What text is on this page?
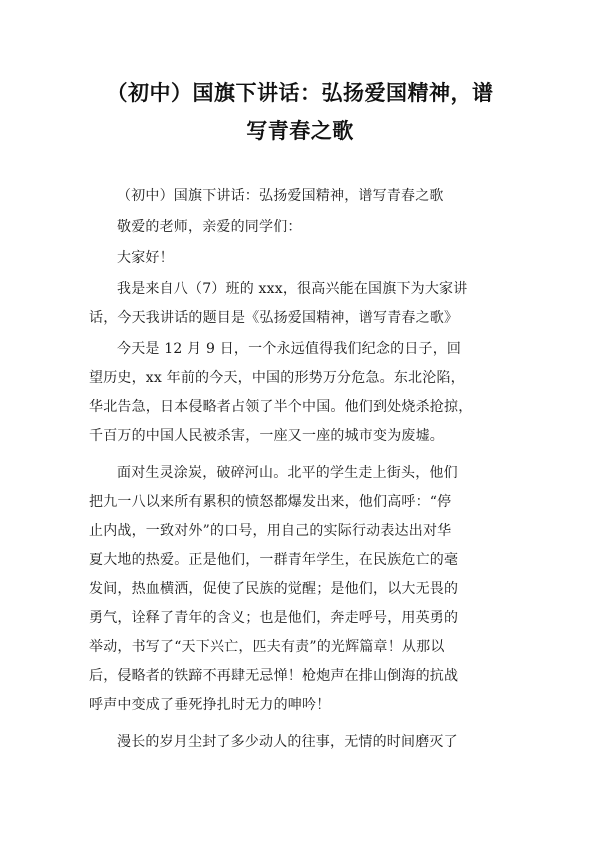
（初中）国旗下讲话：弘扬爱国精神，谱
写青春之歌
（初中）国旗下讲话：弘扬爱国精神，谱写青春之歌
敬爱的老师，亲爱的同学们：
大家好！
我是来自八（7）班的 xxx，很高兴能在国旗下为大家讲
话，今天我讲话的题目是《弘扬爱国精神，谱写青春之歌》
今天是 12 月 9 日，一个永远值得我们纪念的日子，回
望历史，xx 年前的今天，中国的形势万分危急。东北沦陷，
华北告急，日本侵略者占领了半个中国。他们到处烧杀抢掠，
千百万的中国人民被杀害，一座又一座的城市变为废墟。
面对生灵涂炭，破碎河山。北平的学生走上街头，他们
把九一八以来所有累积的愤怒都爆发出来，他们高呼：“停
止内战，一致对外”的口号，用自己的实际行动表达出对华
夏大地的热爱。正是他们，一群青年学生，在民族危亡的毫
发间，热血横洒，促使了民族的觉醒；是他们，以大无畏的
勇气，诠释了青年的含义；也是他们，奔走呼号，用英勇的
举动，书写了“天下兴亡，匹夫有责”的光辉篇章！从那以
后，侵略者的铁蹄不再肆无忌惮！枪炮声在排山倒海的抗战
呼声中变成了垂死挣扎时无力的呻吟！
漫长的岁月尘封了多少动人的往事，无情的时间磨灭了
